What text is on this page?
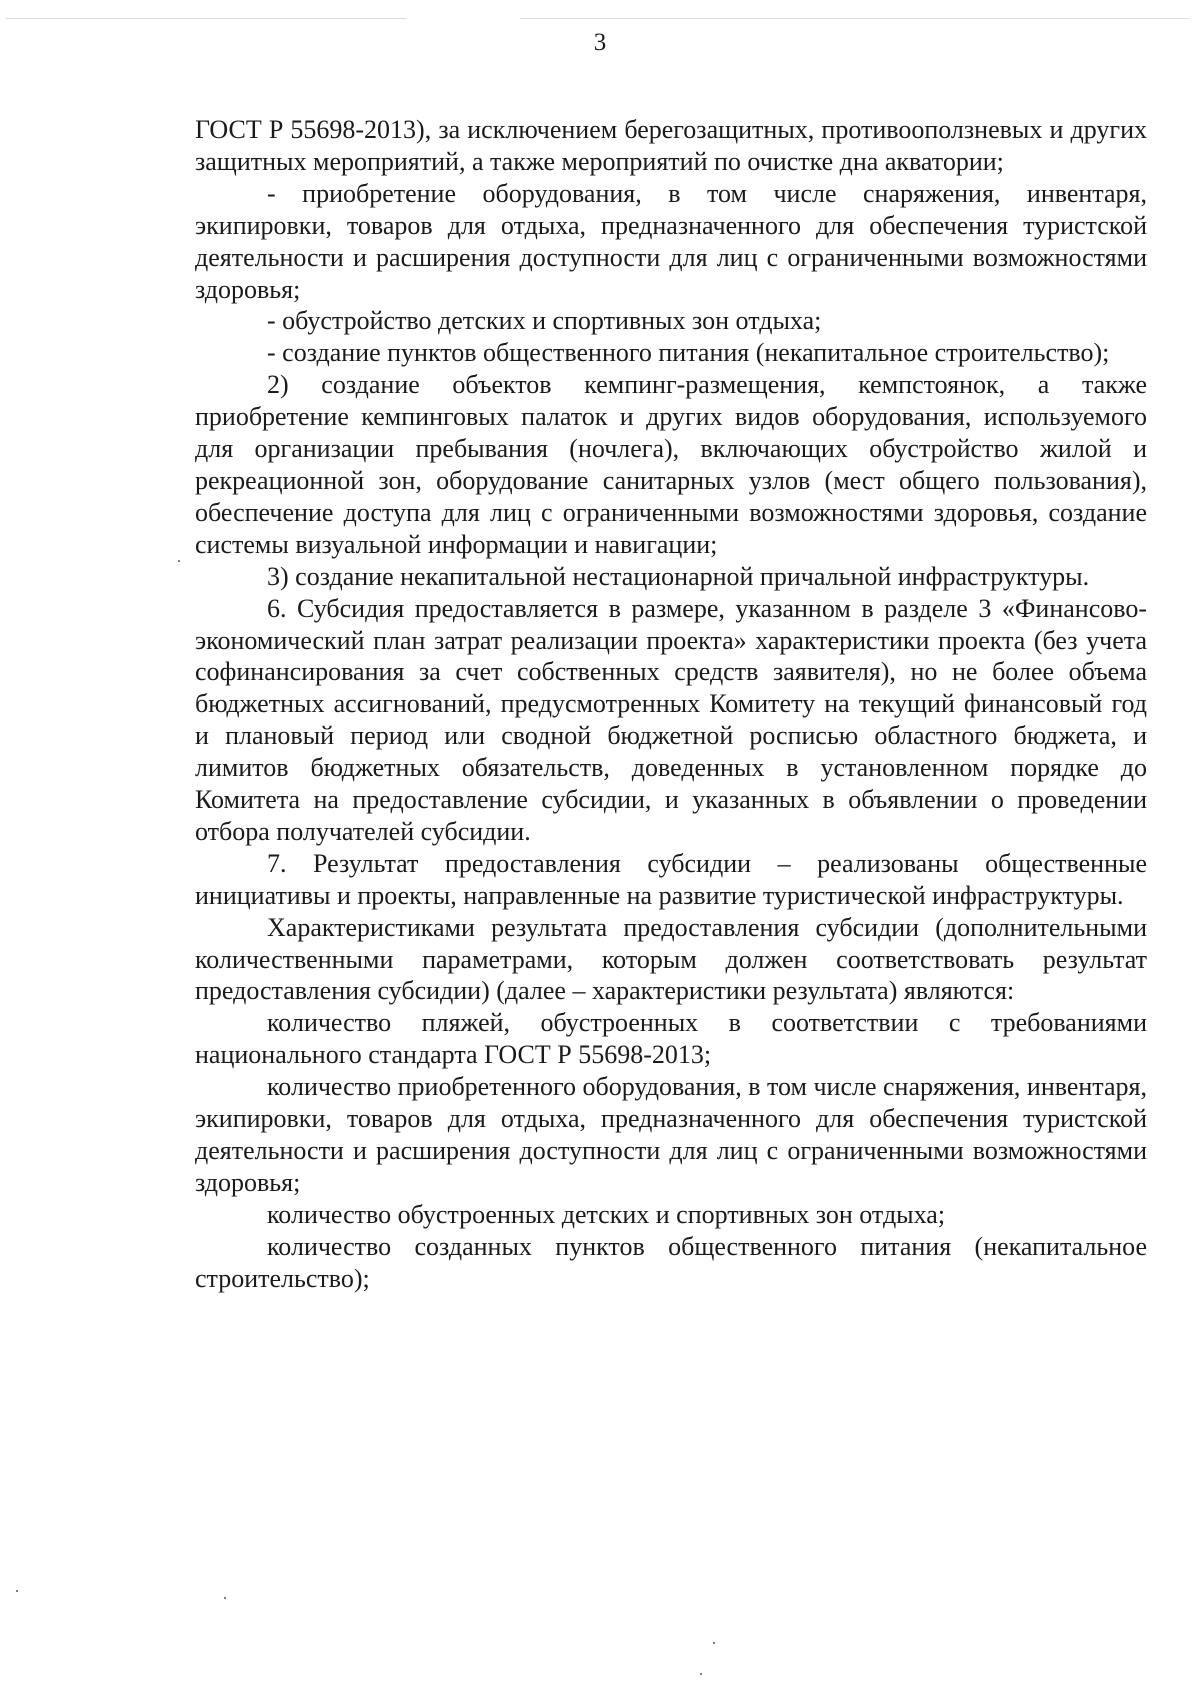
3

ГОСТ Р 55698-2013), за исключением берегозащитных, противооползневых и других защитных мероприятий, а также мероприятий по очистке дна акватории;

- приобретение оборудования, в том числе снаряжения, инвентаря, экипировки, товаров для отдыха, предназначенного для обеспечения туристской деятельности и расширения доступности для лиц с ограниченными возможностями здоровья;

- обустройство детских и спортивных зон отдыха;

- создание пунктов общественного питания (некапитальное строительство);

2) создание объектов кемпинг-размещения, кемпстоянок, а также приобретение кемпинговых палаток и других видов оборудования, используемого для организации пребывания (ночлега), включающих обустройство жилой и рекреационной зон, оборудование санитарных узлов (мест общего пользования), обеспечение доступа для лиц с ограниченными возможностями здоровья, создание системы визуальной информации и навигации;

3) создание некапитальной нестационарной причальной инфраструктуры.

6. Субсидия предоставляется в размере, указанном в разделе 3 «Финансово-экономический план затрат реализации проекта» характеристики проекта (без учета софинансирования за счет собственных средств заявителя), но не более объема бюджетных ассигнований, предусмотренных Комитету на текущий финансовый год и плановый период или сводной бюджетной росписью областного бюджета, и лимитов бюджетных обязательств, доведенных в установленном порядке до Комитета на предоставление субсидии, и указанных в объявлении о проведении отбора получателей субсидии.

7. Результат предоставления субсидии – реализованы общественные инициативы и проекты, направленные на развитие туристической инфраструктуры.

Характеристиками результата предоставления субсидии (дополнительными количественными параметрами, которым должен соответствовать результат предоставления субсидии) (далее – характеристики результата) являются:

количество пляжей, обустроенных в соответствии с требованиями национального стандарта ГОСТ Р 55698-2013;

количество приобретенного оборудования, в том числе снаряжения, инвентаря, экипировки, товаров для отдыха, предназначенного для обеспечения туристской деятельности и расширения доступности для лиц с ограниченными возможностями здоровья;

количество обустроенных детских и спортивных зон отдыха;

количество созданных пунктов общественного питания (некапитальное строительство);
